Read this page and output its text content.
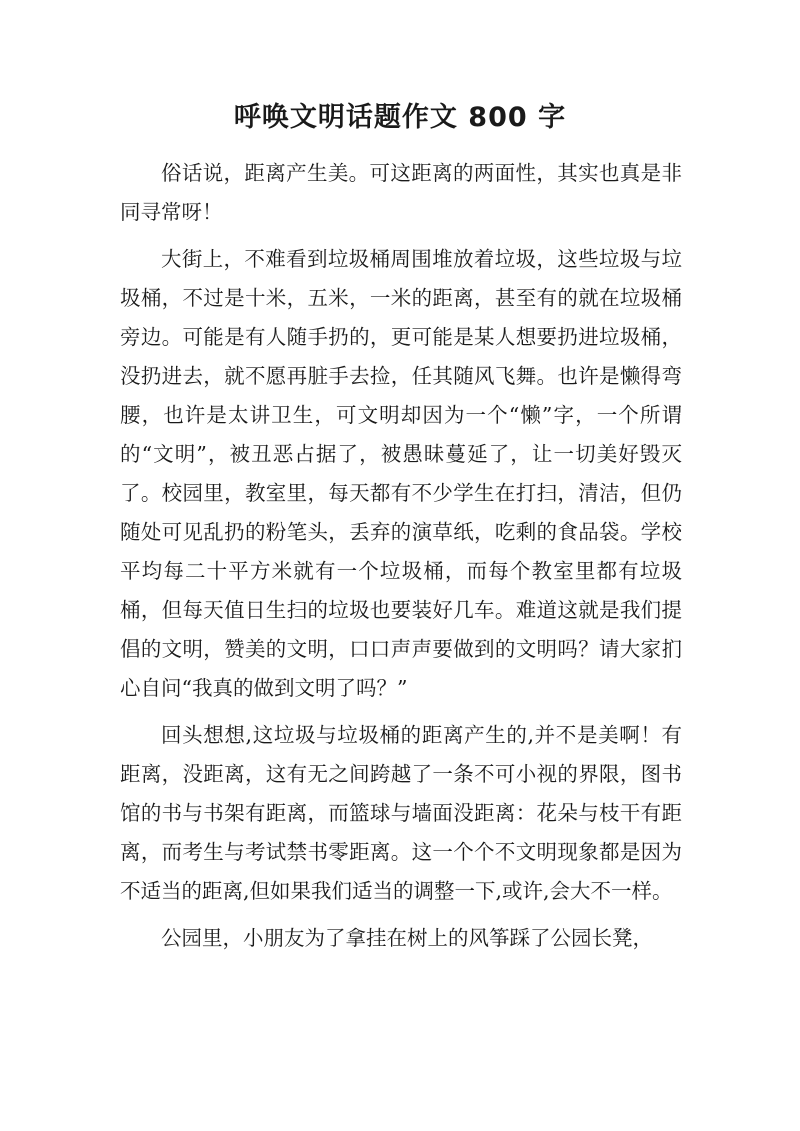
呼唤文明话题作文 800 字

俗话说，距离产生美。可这距离的两面性，其实也真是非同寻常呀！

大街上，不难看到垃圾桶周围堆放着垃圾，这些垃圾与垃圾桶，不过是十米，五米，一米的距离，甚至有的就在垃圾桶旁边。可能是有人随手扔的，更可能是某人想要扔进垃圾桶，没扔进去，就不愿再脏手去捡，任其随风飞舞。也许是懒得弯腰，也许是太讲卫生，可文明却因为一个“懒”字，一个所谓的“文明”，被丑恶占据了，被愚昧蔓延了，让一切美好毁灭了。校园里，教室里，每天都有不少学生在打扫，清洁，但仍随处可见乱扔的粉笔头，丢弃的演草纸，吃剩的食品袋。学校平均每二十平方米就有一个垃圾桶，而每个教室里都有垃圾桶，但每天值日生扫的垃圾也要装好几车。难道这就是我们提倡的文明，赞美的文明，口口声声要做到的文明吗？请大家扪心自问“我真的做到文明了吗？”

回头想想,这垃圾与垃圾桶的距离产生的,并不是美啊！有距离，没距离，这有无之间跨越了一条不可小视的界限，图书馆的书与书架有距离，而篮球与墙面没距离：花朵与枝干有距离，而考生与考试禁书零距离。这一个个不文明现象都是因为不适当的距离,但如果我们适当的调整一下,或许,会大不一样。

公园里，小朋友为了拿挂在树上的风筝踩了公园长凳，
